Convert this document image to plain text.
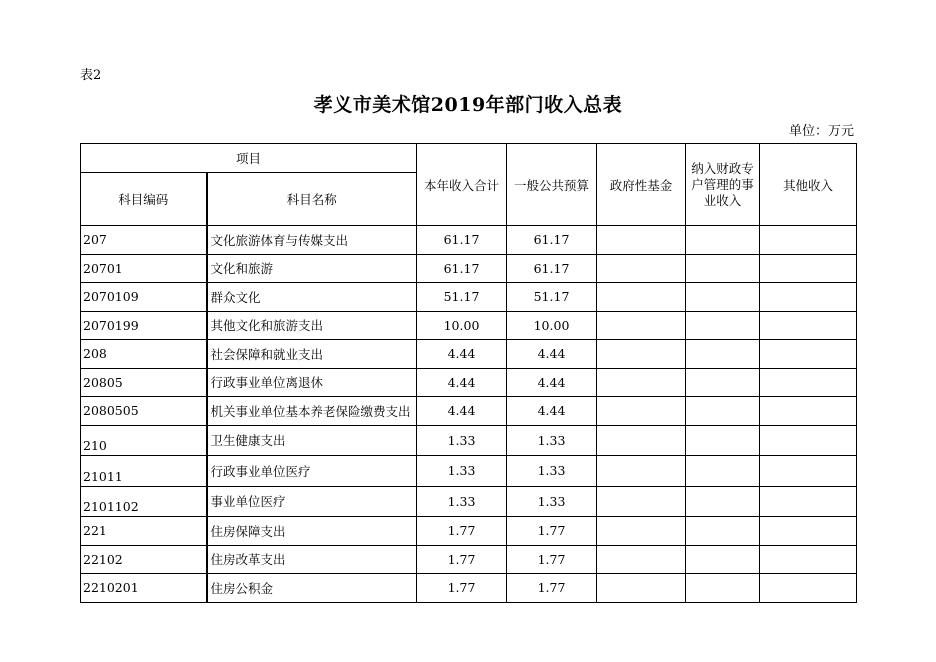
表2
孝义市美术馆2019年部门收入总表
单位：万元
项目		本年收入合计	一般公共预算	政府性基金	纳入财政专户管理的事业收入	其他收入
科目编码	科目名称					
207	文化旅游体育与传媒支出	61.17	61.17			
20701	文化和旅游	61.17	61.17			
2070109	群众文化	51.17	51.17			
2070199	其他文化和旅游支出	10.00	10.00			
208	社会保障和就业支出	4.44	4.44			
20805	行政事业单位离退休	4.44	4.44			
2080505	机关事业单位基本养老保险缴费支出	4.44	4.44			
210	卫生健康支出	1.33	1.33			
21011	行政事业单位医疗	1.33	1.33			
2101102	事业单位医疗	1.33	1.33			
221	住房保障支出	1.77	1.77			
22102	住房改革支出	1.77	1.77			
2210201	住房公积金	1.77	1.77			
